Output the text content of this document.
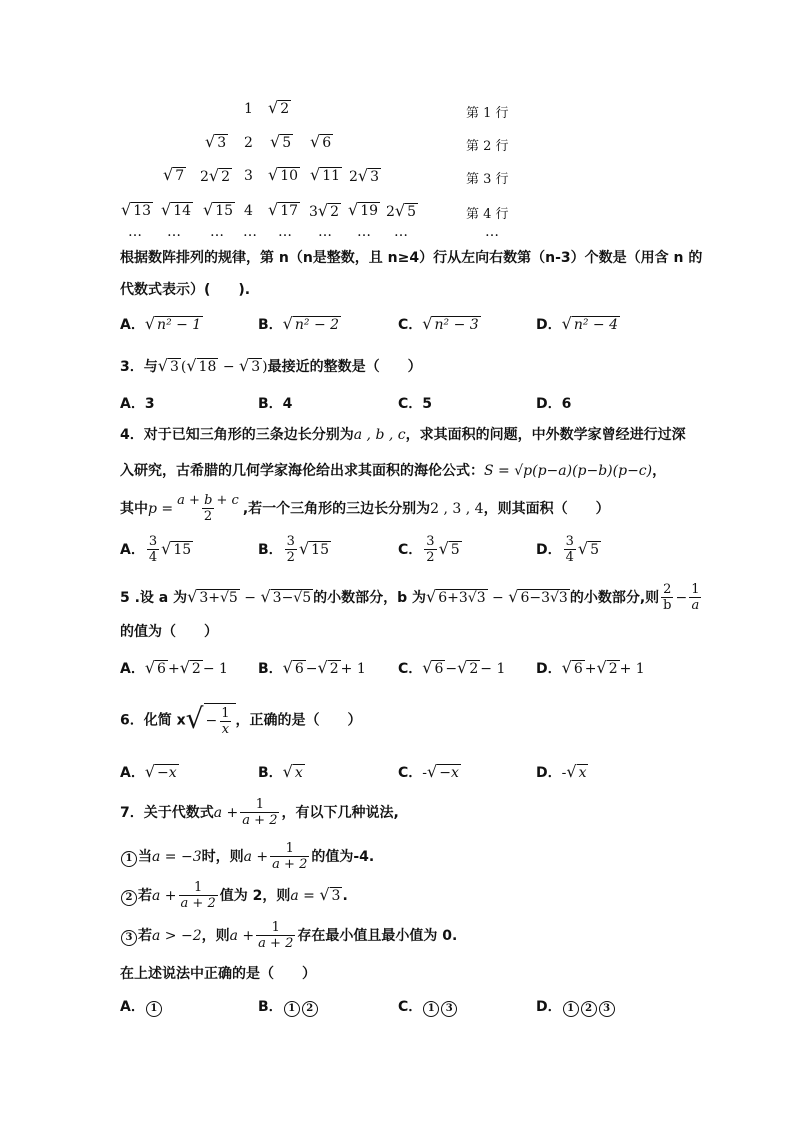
1 √ 2	第 1 行
√ 3 2 √ 5 √ 6	第 2 行
√ 7 2 √ 2 3 √ 10 √ 11 2 √ 3	第 3 行
√ 13 √ 14 √ 15 4 √ 17 3 √ 2 √ 19 2 √ 5	第 4 行
… … … … … … … …	…
根据数阵排列的规律，第 n（n是整数，且 n≥4）行从左向右数第（n-3）个数是（用含 n 的
代数式表示）(　　).
A． √ n² − 1	B． √ n² − 2	C． √ n² − 3	D． √ n² − 4
3．与 √ 3 ( √ 18 − √ 3 )最接近的整数是（　　）
A．3	B．4	C．5	D．6
4．对于已知三角形的三条边长分别为a , b , c，求其面积的问题，中外数学家曾经进行过深
入研究，古希腊的几何学家海伦给出求其面积的海伦公式：S = √p(p−a)(p−b)(p−c)，
其中$p = \frac{a + b + c}{2}$ ,若一个三角形的三边长分别为2 , 3 , 4，则其面积（　　）
A． $\frac{3}{4}$ √ 15	B． $\frac{3}{2}$ √ 15	C． $\frac{3}{2}$ √ 5	D． $\frac{3}{4}$ √ 5
5 .设 a 为 √ 3+√5 − √ 3−√5 的小数部分，b 为 √ 6+3√3 − √ 6−3√3 的小数部分,则 $\frac{2}{b} - \frac{1}{a}$
的值为（　　）
A． √ 6 + √ 2 − 1 B． √ 6 − √ 2 + 1 C． √ 6 − √ 2 − 1 D． √ 6 + √ 2 + 1
6．化简 x √ − $\frac{1}{x}$ ，正确的是（　　）
A． √ −x	B． √ x	C．- √ −x	D．- √ x
7．关于代数式$a + \frac{1}{a + 2}$ ，有以下几种说法,
1 当a = −3时，则$a + \frac{1}{a + 2}$ 的值为-4.
2 若$a + \frac{1}{a + 2}$ 值为 2，则a = √ 3 .
3 若a > −2，则$a + \frac{1}{a + 2}$ 存在最小值且最小值为 0.
在上述说法中正确的是（　　）
A． 1	B． 1 2	C． 1 3	D． 1 2 3
